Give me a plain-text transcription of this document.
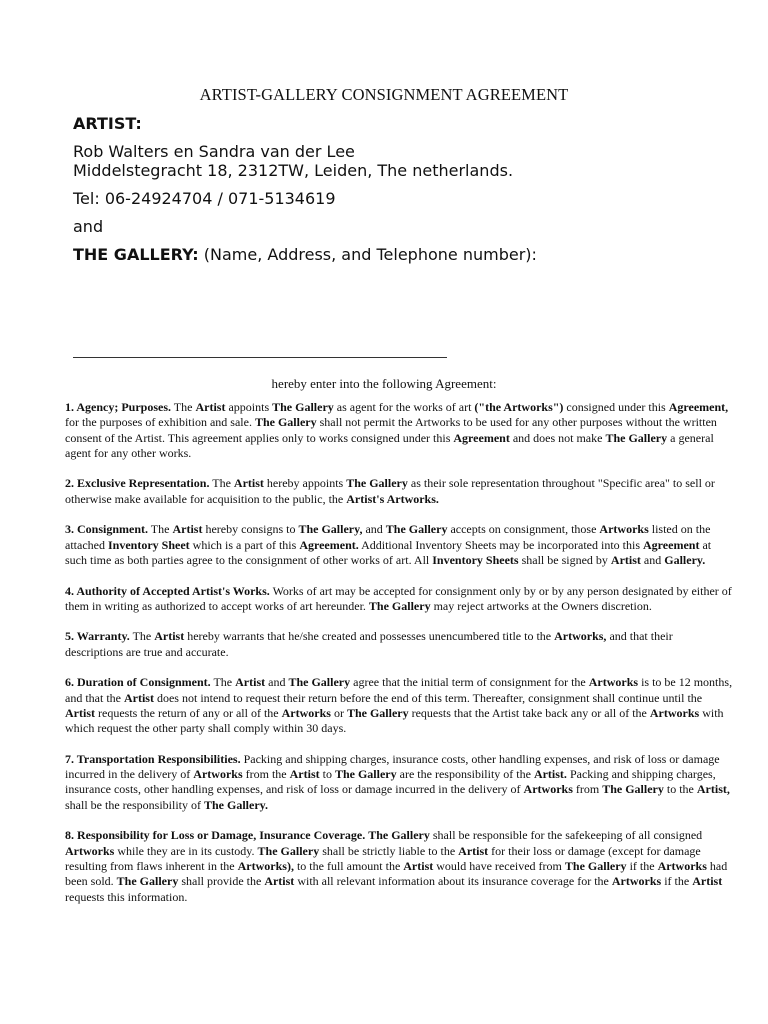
ARTIST-GALLERY CONSIGNMENT AGREEMENT
ARTIST:
Rob Walters en Sandra van der Lee
Middelstegracht 18, 2312TW, Leiden, The netherlands.
Tel: 06-24924704 / 071-5134619
and
THE GALLERY: (Name, Address, and Telephone number):
hereby enter into the following Agreement:

1. Agency; Purposes. The Artist appoints The Gallery as agent for the works of art ("the Artworks") consigned under this Agreement, for the purposes of exhibition and sale. The Gallery shall not permit the Artworks to be used for any other purposes without the written consent of the Artist. This agreement applies only to works consigned under this Agreement and does not make The Gallery a general agent for any other works.

2. Exclusive Representation. The Artist hereby appoints The Gallery as their sole representation throughout "Specific area" to sell or otherwise make available for acquisition to the public, the Artist's Artworks.

3. Consignment. The Artist hereby consigns to The Gallery, and The Gallery accepts on consignment, those Artworks listed on the attached Inventory Sheet which is a part of this Agreement. Additional Inventory Sheets may be incorporated into this Agreement at such time as both parties agree to the consignment of other works of art. All Inventory Sheets shall be signed by Artist and Gallery.

4. Authority of Accepted Artist's Works. Works of art may be accepted for consignment only by or by any person designated by either of them in writing as authorized to accept works of art hereunder. The Gallery may reject artworks at the Owners discretion.

5. Warranty. The Artist hereby warrants that he/she created and possesses unencumbered title to the Artworks, and that their descriptions are true and accurate.

6. Duration of Consignment. The Artist and The Gallery agree that the initial term of consignment for the Artworks is to be 12 months, and that the Artist does not intend to request their return before the end of this term. Thereafter, consignment shall continue until the Artist requests the return of any or all of the Artworks or The Gallery requests that the Artist take back any or all of the Artworks with which request the other party shall comply within 30 days.

7. Transportation Responsibilities. Packing and shipping charges, insurance costs, other handling expenses, and risk of loss or damage incurred in the delivery of Artworks from the Artist to The Gallery are the responsibility of the Artist. Packing and shipping charges, insurance costs, other handling expenses, and risk of loss or damage incurred in the delivery of Artworks from The Gallery to the Artist, shall be the responsibility of The Gallery.

8. Responsibility for Loss or Damage, Insurance Coverage. The Gallery shall be responsible for the safekeeping of all consigned Artworks while they are in its custody. The Gallery shall be strictly liable to the Artist for their loss or damage (except for damage resulting from flaws inherent in the Artworks), to the full amount the Artist would have received from The Gallery if the Artworks had been sold. The Gallery shall provide the Artist with all relevant information about its insurance coverage for the Artworks if the Artist requests this information.
